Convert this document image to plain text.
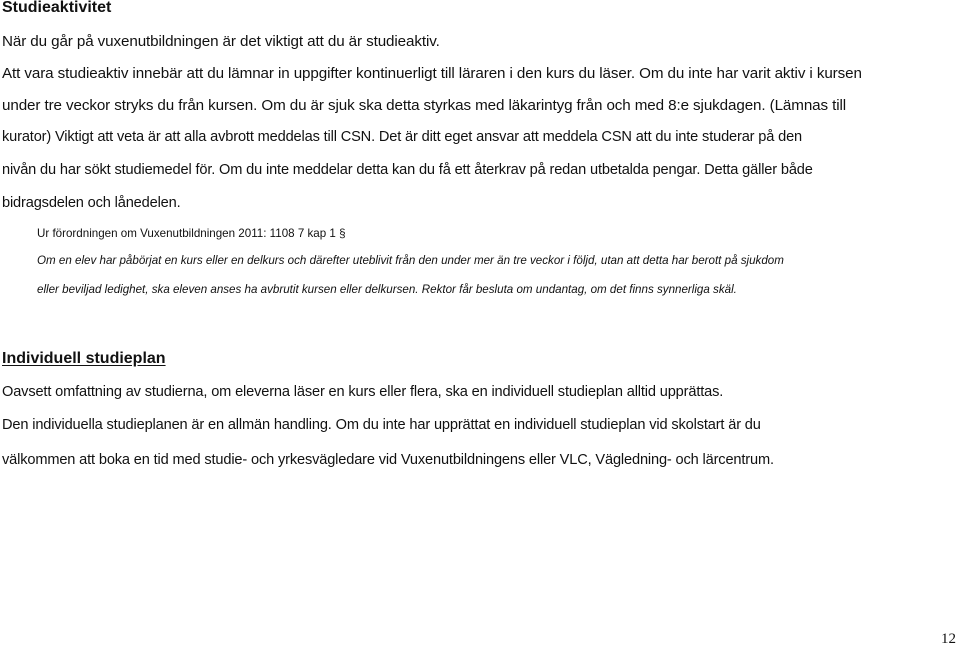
Studieaktivitet
När du går på vuxenutbildningen är det viktigt att du är studieaktiv.
Att vara studieaktiv innebär att du lämnar in uppgifter kontinuerligt till läraren i den kurs du läser. Om du inte har varit aktiv i kursen
under tre veckor stryks du från kursen. Om du är sjuk ska detta styrkas med läkarintyg från och med 8:e sjukdagen. (Lämnas till
kurator) Viktigt att veta är att alla avbrott meddelas till CSN. Det är ditt eget ansvar att meddela CSN att du inte studerar på den
nivån du har sökt studiemedel för. Om du inte meddelar detta kan du få ett återkrav på redan utbetalda pengar. Detta gäller både
bidragsdelen och lånedelen.
Ur förordningen om Vuxenutbildningen 2011: 1108 7 kap 1 §
Om en elev har påbörjat en kurs eller en delkurs och därefter uteblivit från den under mer än tre veckor i följd, utan att detta har berott på sjukdom
eller beviljad ledighet, ska eleven anses ha avbrutit kursen eller delkursen. Rektor får besluta om undantag, om det finns synnerliga skäl.
Individuell studieplan
Oavsett omfattning av studierna, om eleverna läser en kurs eller flera, ska en individuell studieplan alltid upprättas.
Den individuella studieplanen är en allmän handling. Om du inte har upprättat en individuell studieplan vid skolstart är du
välkommen att boka en tid med studie- och yrkesvägledare vid Vuxenutbildningens eller VLC, Vägledning- och lärcentrum.
12
